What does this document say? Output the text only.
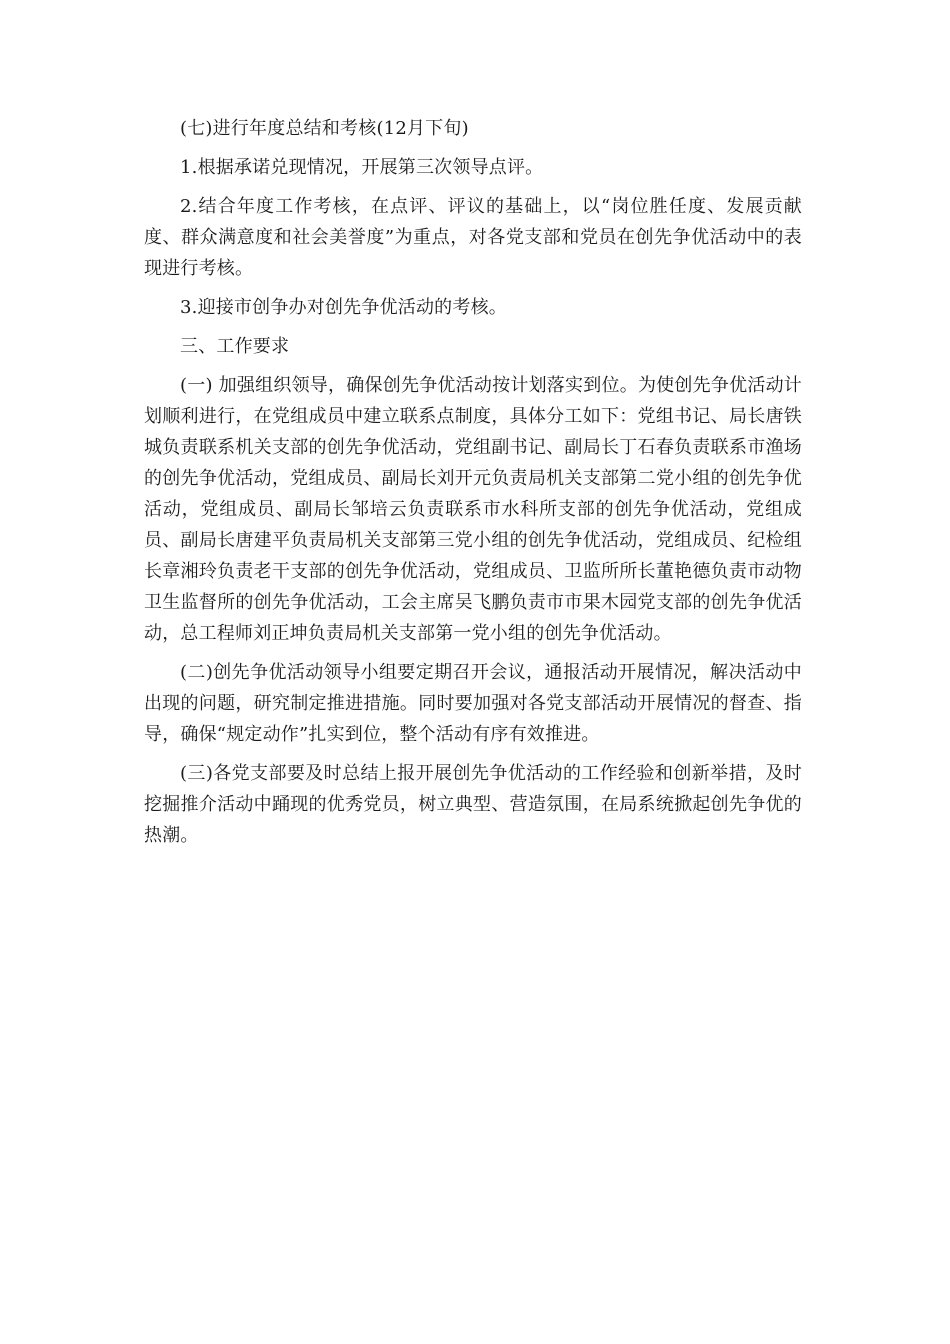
(七)进行年度总结和考核(12月下旬)

1.根据承诺兑现情况，开展第三次领导点评。

2.结合年度工作考核，在点评、评议的基础上，以“岗位胜任度、发展贡献度、群众满意度和社会美誉度”为重点，对各党支部和党员在创先争优活动中的表现进行考核。

3.迎接市创争办对创先争优活动的考核。

三、工作要求

(一) 加强组织领导，确保创先争优活动按计划落实到位。为使创先争优活动计划顺利进行，在党组成员中建立联系点制度，具体分工如下：党组书记、局长唐铁城负责联系机关支部的创先争优活动，党组副书记、副局长丁石春负责联系市渔场的创先争优活动，党组成员、副局长刘开元负责局机关支部第二党小组的创先争优活动，党组成员、副局长邹培云负责联系市水科所支部的创先争优活动，党组成员、副局长唐建平负责局机关支部第三党小组的创先争优活动，党组成员、纪检组长章湘玲负责老干支部的创先争优活动，党组成员、卫监所所长董艳德负责市动物卫生监督所的创先争优活动，工会主席吴飞鹏负责市市果木园党支部的创先争优活动，总工程师刘正坤负责局机关支部第一党小组的创先争优活动。

(二)创先争优活动领导小组要定期召开会议，通报活动开展情况，解决活动中出现的问题，研究制定推进措施。同时要加强对各党支部活动开展情况的督查、指导，确保“规定动作”扎实到位，整个活动有序有效推进。

(三)各党支部要及时总结上报开展创先争优活动的工作经验和创新举措，及时挖掘推介活动中踊现的优秀党员，树立典型、营造氛围，在局系统掀起创先争优的热潮。
